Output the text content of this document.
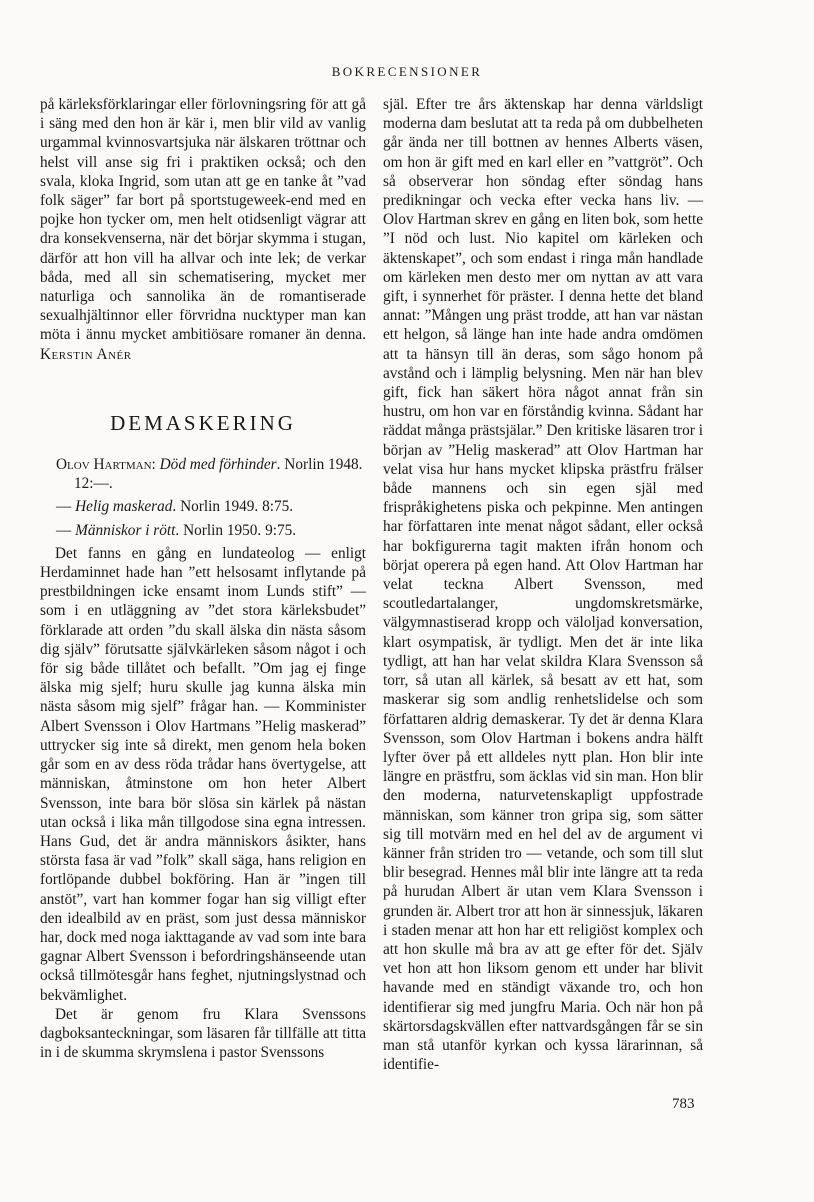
BOKRECENSIONER

på kärleksförklaringar eller förlovningsring för att gå i säng med den hon är kär i, men blir vild av vanlig urgammal kvinnosvartsjuka när älskaren tröttnar och helst vill anse sig fri i praktiken också; och den svala, kloka Ingrid, som utan att ge en tanke åt ”vad folk säger” far bort på sportstugeweek-end med en pojke hon tycker om, men helt otidsenligt vägrar att dra konsekvenserna, när det börjar skymma i stugan, därför att hon vill ha allvar och inte lek; de verkar båda, med all sin schematisering, mycket mer naturliga och sannolika än de romantiserade sexualhjältinnor eller förvridna nucktyper man kan möta i ännu mycket ambitiösare romaner än denna. Kerstin Anér

DEMASKERING
Olov Hartman: Död med förhinder. Norlin 1948. 12:—.
— Helig maskerad. Norlin 1949. 8:75.
— Människor i rött. Norlin 1950. 9:75.

Det fanns en gång en lundateolog — enligt Herdaminnet hade han ”ett helsosamt inflytande på prestbildningen icke ensamt inom Lunds stift” — som i en utläggning av ”det stora kärleksbudet” förklarade att orden ”du skall älska din nästa såsom dig själv” förutsatte självkärleken såsom något i och för sig både tillåtet och befallt. ”Om jag ej finge älska mig sjelf; huru skulle jag kunna älska min nästa såsom mig sjelf” frågar han. — Komminister Albert Svensson i Olov Hartmans ”Helig maskerad” uttrycker sig inte så direkt, men genom hela boken går som en av dess röda trådar hans övertygelse, att människan, åtminstone om hon heter Albert Svensson, inte bara bör slösa sin kärlek på nästan utan också i lika mån tillgodose sina egna intressen. Hans Gud, det är andra människors åsikter, hans största fasa är vad ”folk” skall säga, hans religion en fortlöpande dubbel bokföring. Han är ”ingen till anstöt”, vart han kommer fogar han sig villigt efter den idealbild av en präst, som just dessa människor har, dock med noga iakttagande av vad som inte bara gagnar Albert Svensson i befordringshänseende utan också tillmötesgår hans feghet, njutningslystnad och bekvämlighet.

Det är genom fru Klara Svenssons dagboksanteckningar, som läsaren får tillfälle att titta in i de skumma skrymslena i pastor Svenssons

själ. Efter tre års äktenskap har denna världsligt moderna dam beslutat att ta reda på om dubbelheten går ända ner till bottnen av hennes Alberts väsen, om hon är gift med en karl eller en ”vattgröt”. Och så observerar hon söndag efter söndag hans predikningar och vecka efter vecka hans liv. — Olov Hartman skrev en gång en liten bok, som hette ”I nöd och lust. Nio kapitel om kärleken och äktenskapet”, och som endast i ringa mån handlade om kärleken men desto mer om nyttan av att vara gift, i synnerhet för präster. I denna hette det bland annat: ”Mången ung präst trodde, att han var nästan ett helgon, så länge han inte hade andra omdömen att ta hänsyn till än deras, som sågo honom på avstånd och i lämplig belysning. Men när han blev gift, fick han säkert höra något annat från sin hustru, om hon var en förståndig kvinna. Sådant har räddat många prästsjälar.” Den kritiske läsaren tror i början av ”Helig maskerad” att Olov Hartman har velat visa hur hans mycket klipska prästfru frälser både mannens och sin egen själ med frispråkighetens piska och pekpinne. Men antingen har författaren inte menat något sådant, eller också har bokfigurerna tagit makten ifrån honom och börjat operera på egen hand. Att Olov Hartman har velat teckna Albert Svensson, med scoutledartalanger, ungdomskretsmärke, välgymnastiserad kropp och väloljad konversation, klart osympatisk, är tydligt. Men det är inte lika tydligt, att han har velat skildra Klara Svensson så torr, så utan all kärlek, så besatt av ett hat, som maskerar sig som andlig renhetslidelse och som författaren aldrig demaskerar. Ty det är denna Klara Svensson, som Olov Hartman i bokens andra hälft lyfter över på ett alldeles nytt plan. Hon blir inte längre en prästfru, som äcklas vid sin man. Hon blir den moderna, naturvetenskapligt uppfostrade människan, som känner tron gripa sig, som sätter sig till motvärn med en hel del av de argument vi känner från striden tro — vetande, och som till slut blir besegrad. Hennes mål blir inte längre att ta reda på hurudan Albert är utan vem Klara Svensson i grunden är. Albert tror att hon är sinnessjuk, läkaren i staden menar att hon har ett religiöst komplex och att hon skulle må bra av att ge efter för det. Själv vet hon att hon liksom genom ett under har blivit havande med en ständigt växande tro, och hon identifierar sig med jungfru Maria. Och när hon på skärtorsdagskvällen efter nattvardsgången får se sin man stå utanför kyrkan och kyssa lärarinnan, så identifie-

783
